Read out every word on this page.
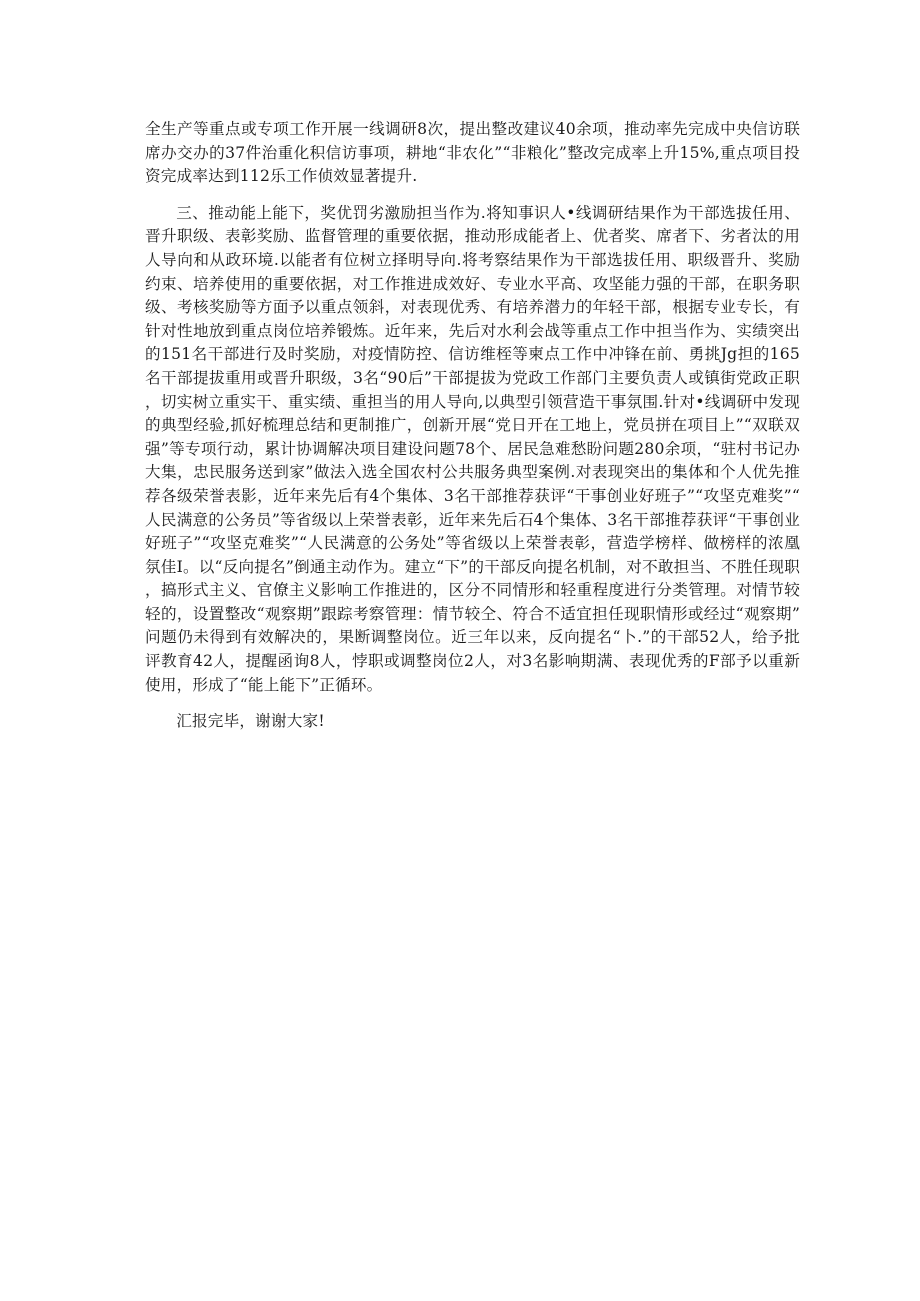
全生产等重点或专项工作开展一线调研8次，提出整改建议40余项，推动率先完成中央信访联席办交办的37件治重化积信访事项，耕地“非农化”“非粮化”整改完成率上升15%,重点项目投资完成率达到112乐工作侦效显著提升.

三、推动能上能下，奖优罚劣激励担当作为.将知事识人•线调研结果作为干部选拔任用、晋升职级、表彰奖励、监督管理的重要依据，推动形成能者上、优者奖、席者下、劣者汰的用人导向和从政环境.以能者有位树立择明导向.将考察结果作为干部选拔任用、职级晋升、奖励约束、培养使用的重要依据，对工作推进成效好、专业水平高、攻坚能力强的干部，在职务职级、考核奖励等方面予以重点领斜，对表现优秀、有培养潜力的年轻干部，根据专业专长，有针对性地放到重点岗位培养锻炼。近年来，先后对水利会战等重点工作中担当作为、实绩突出的151名干部进行及时奖励，对疫情防控、信访维桎等柬点工作中冲锋在前、勇挑Jg担的165名干部提拔重用或晋升职级，3名“90后”干部提拔为党政工作部门主要负责人或镇街党政正职，切实树立重实干、重实绩、重担当的用人导向,以典型引领营造干事氛围.针对•线调研中发现的典型经验,抓好梳理总结和更制推广，创新开展“党日开在工地上，党员拼在项目上”“双联双强”等专项行动，累计协调解决项目建设问题78个、居民急难愁盼问题280余项，“驻村书记办大集，忠民服务送到家”做法入选全国农村公共服务典型案例.对表现突出的集体和个人优先推荐各级荣誉表影，近年来先后有4个集体、3名干部推荐获评“干事创业好班子”“攻坚克难奖”“人民满意的公务员”等省级以上荣誉表彰，近年来先后石4个集体、3名干部推荐获评“干事创业好班子”“攻坚克难奖”“人民满意的公务处”等省级以上荣誉表彰，营造学榜样、做榜样的浓凰氛佳I。以“反向提名”倒通主动作为。建立“下”的干部反向提名机制，对不敢担当、不胜任现职，搞形式主义、官僚主义影响工作推进的，区分不同情形和轻重程度进行分类管理。对情节较轻的，设置整改“观察期”跟踪考察管理：情节较仝、符合不适宜担任现职情形或经过“观察期”问题仍未得到有效解决的，果断调整岗位。近三年以来，反向提名“卜.”的干部52人，给予批评教育42人，提醒函询8人，悖职或调整岗位2人，对3名影响期满、表现优秀的F部予以重新使用，形成了“能上能下”正循环。

汇报完毕，谢谢大家!
